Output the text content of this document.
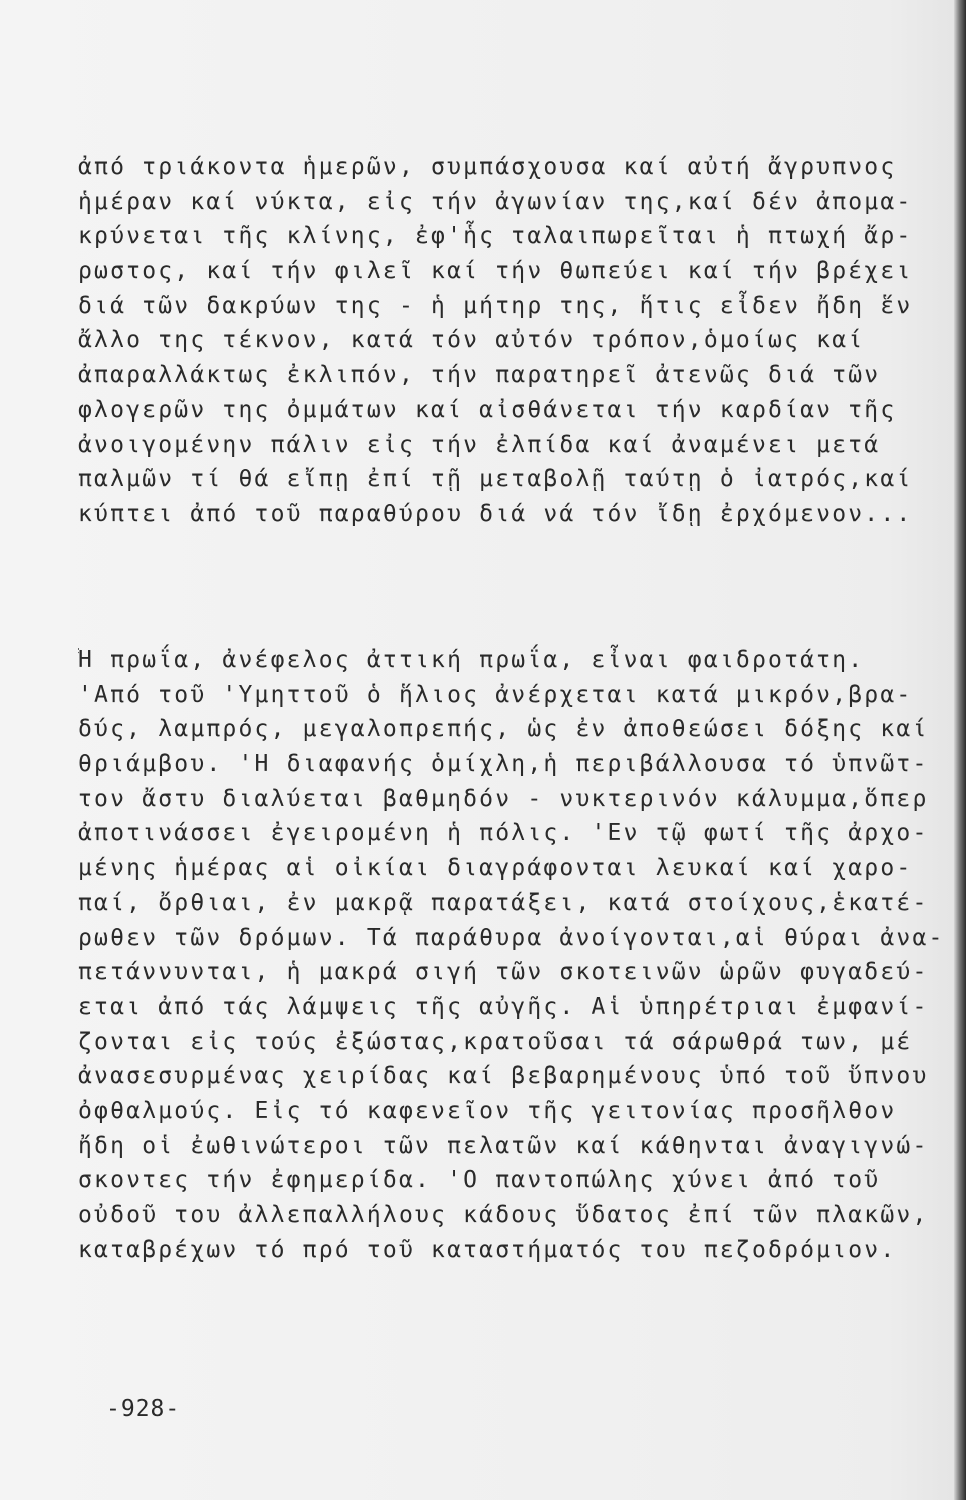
ἀπό τριάκοντα ἡμερῶν, συμπάσχουσα καί αὐτή ἄγρυπνος
ἡμέραν καί νύκτα, εἰς τήν ἀγωνίαν της,καί δέν ἀπομα-
κρύνεται τῆς κλίνης, ἐφ'ἧς ταλαιπωρεῖται ἡ πτωχή ἄρ-
ρωστος, καί τήν φιλεῖ καί τήν θωπεύει καί τήν βρέχει
διά τῶν δακρύων της - ἡ μήτηρ της, ἥτις εἶδεν ἤδη ἕν
ἄλλο της τέκνον, κατά τόν αὐτόν τρόπον,ὁμοίως καί
ἀπαραλλάκτως ἐκλιπόν, τήν παρατηρεῖ ἀτενῶς διά τῶν
φλογερῶν της ὀμμάτων καί αἰσθάνεται τήν καρδίαν τῆς
ἀνοιγομένην πάλιν εἰς τήν ἐλπίδα καί ἀναμένει μετά
παλμῶν τί θά εἴπῃ ἐπί τῇ μεταβολῇ ταύτῃ ὁ ἰατρός,καί
κύπτει ἀπό τοῦ παραθύρου διά νά τόν ἴδῃ ἐρχόμενον...
Ἡ πρωΐα, ἀνέφελος ἀττική πρωΐα, εἶναι φαιδροτάτη.
'Από τοῦ 'Υμηττοῦ ὁ ἥλιος ἀνέρχεται κατά μικρόν,βρα-
δύς, λαμπρός, μεγαλοπρεπής, ὡς ἐν ἀποθεώσει δόξης καί
θριάμβου. 'Η διαφανής ὁμίχλη,ἡ περιβάλλουσα τό ὑπνῶτ-
τον ἄστυ διαλύεται βαθμηδόν - νυκτερινόν κάλυμμα,ὅπερ
ἀποτινάσσει ἐγειρομένη ἡ πόλις. 'Εν τῷ φωτί τῆς ἀρχο-
μένης ἡμέρας αἱ οἰκίαι διαγράφονται λευκαί καί χαρο-
παί, ὄρθιαι, ἐν μακρᾷ παρατάξει, κατά στοίχους,ἑκατέ-
ρωθεν τῶν δρόμων. Τά παράθυρα ἀνοίγονται,αἱ θύραι ἀνα-
πετάννυνται, ἡ μακρά σιγή τῶν σκοτεινῶν ὡρῶν φυγαδεύ-
εται ἀπό τάς λάμψεις τῆς αὐγῆς. Αἱ ὑπηρέτριαι ἐμφανί-
ζονται εἰς τούς ἐξώστας,κρατοῦσαι τά σάρωθρά των, μέ
ἀνασεσυρμένας χειρίδας καί βεβαρημένους ὑπό τοῦ ὕπνου
ὀφθαλμούς. Εἰς τό καφενεῖον τῆς γειτονίας προσῆλθον
ἤδη οἱ ἐωθινώτεροι τῶν πελατῶν καί κάθηνται ἀναγιγνώ-
σκοντες τήν ἐφημερίδα. 'Ο παντοπώλης χύνει ἀπό τοῦ
οὐδοῦ του ἀλλεπαλλήλους κάδους ὕδατος ἐπί τῶν πλακῶν,
καταβρέχων τό πρό τοῦ καταστήματός του πεζοδρόμιον.
-928-
